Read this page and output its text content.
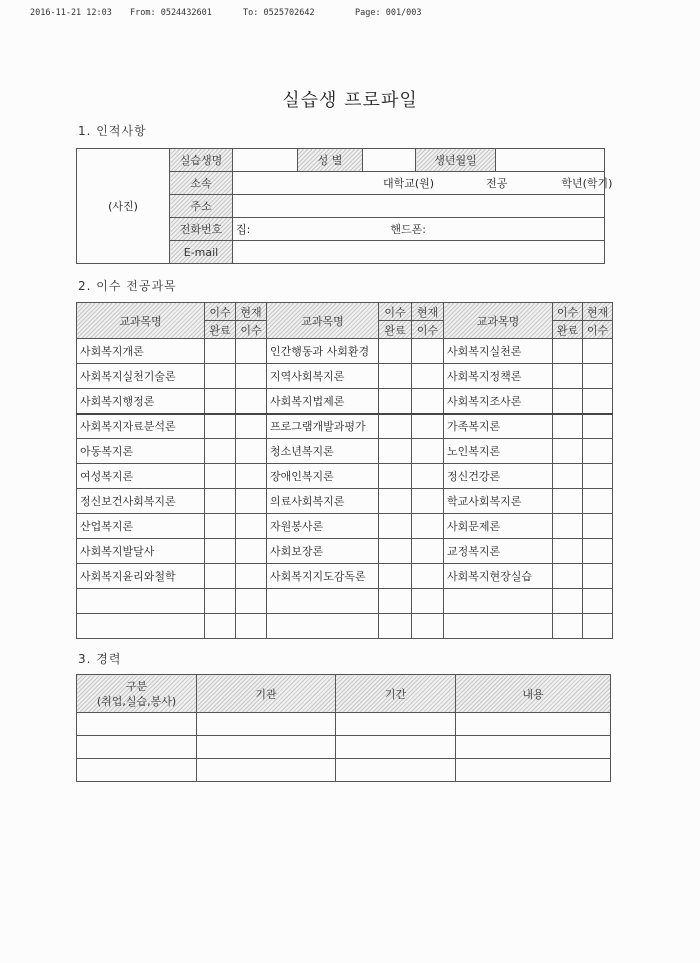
2016-11-21 12:03 From: 0524432601	To: 0525702642	Page: 001/003
실습생 프로파일
1. 인적사항
(사진)	실습생명		성 별		생년월일	
	소속	대학교(원) 전공 학년(학기)				
	주소					
	전화번호	집: 핸드폰:				
	E-mail					
2. 이수 전공과목
교과목명	이수	현재	교과목명	이수	현재	교과목명	이수	현재
	완료	이수		완료	이수		완료	이수
사회복지개론			인간행동과 사회환경			사회복지실천론		
사회복지실천기술론			지역사회복지론			사회복지정책론		
사회복지행정론			사회복지법제론			사회복지조사론		
사회복지자료분석론			프로그램개발과평가			가족복지론		
아동복지론			청소년복지론			노인복지론		
여성복지론			장애인복지론			정신건강론		
정신보건사회복지론			의료사회복지론			학교사회복지론		
산업복지론			자원봉사론			사회문제론		
사회복지발달사			사회보장론			교정복지론		
사회복지윤리와철학			사회복지지도감독론			사회복지현장실습		

3. 경력
구분
(취업,실습,봉사)	기관	기간	내용
